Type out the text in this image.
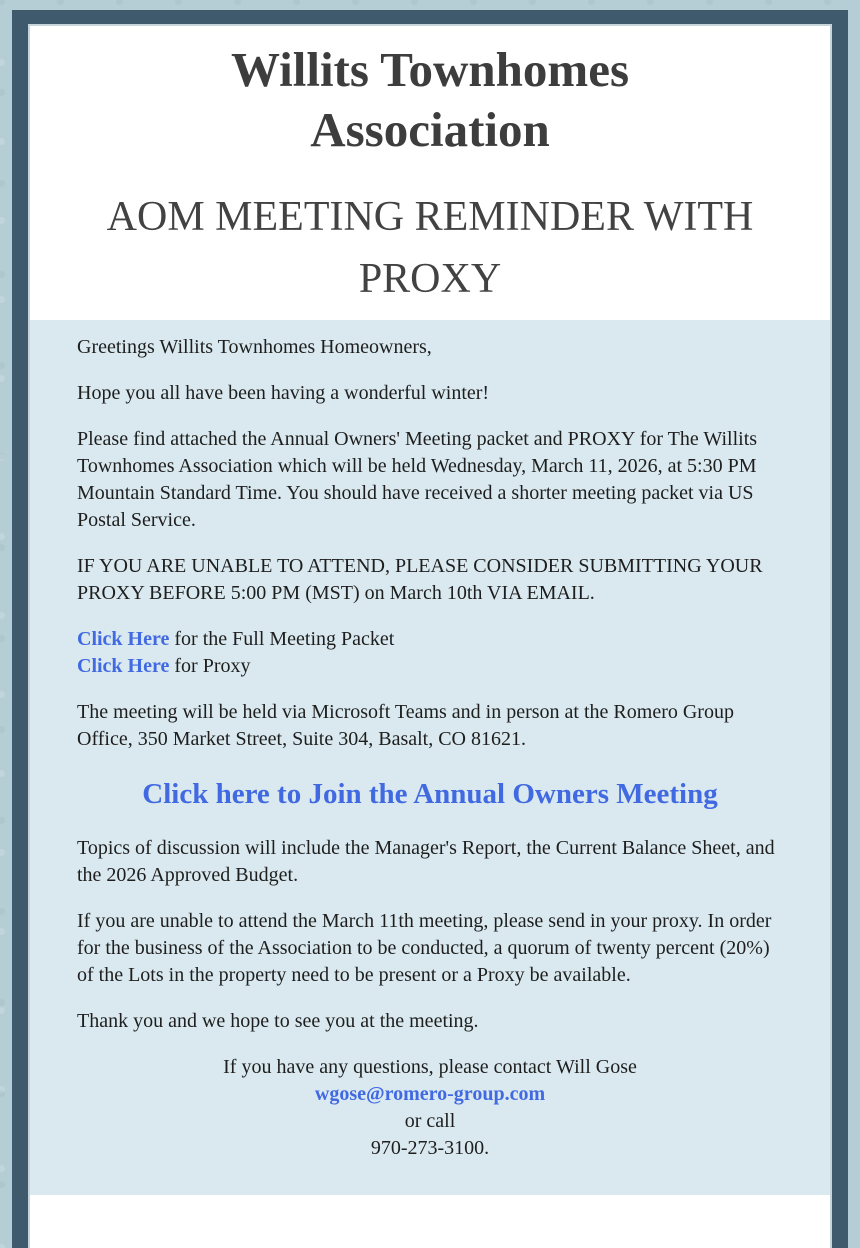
Willits Townhomes Association
AOM MEETING REMINDER WITH PROXY

Greetings Willits Townhomes Homeowners,

Hope you all have been having a wonderful winter!

Please find attached the Annual Owners' Meeting packet and PROXY for The Willits Townhomes Association which will be held Wednesday, March 11, 2026, at 5:30 PM Mountain Standard Time. You should have received a shorter meeting packet via US Postal Service.

IF YOU ARE UNABLE TO ATTEND, PLEASE CONSIDER SUBMITTING YOUR PROXY BEFORE 5:00 PM (MST) on March 10th VIA EMAIL.

Click Here for the Full Meeting Packet
Click Here for Proxy

The meeting will be held via Microsoft Teams and in person at the Romero Group Office, 350 Market Street, Suite 304, Basalt, CO 81621.

Click here to Join the Annual Owners Meeting

Topics of discussion will include the Manager's Report, the Current Balance Sheet, and the 2026 Approved Budget.

If you are unable to attend the March 11th meeting, please send in your proxy. In order for the business of the Association to be conducted, a quorum of twenty percent (20%) of the Lots in the property need to be present or a Proxy be available.

Thank you and we hope to see you at the meeting.

If you have any questions, please contact Will Gose
wgose@romero-group.com
or call
970-273-3100.
